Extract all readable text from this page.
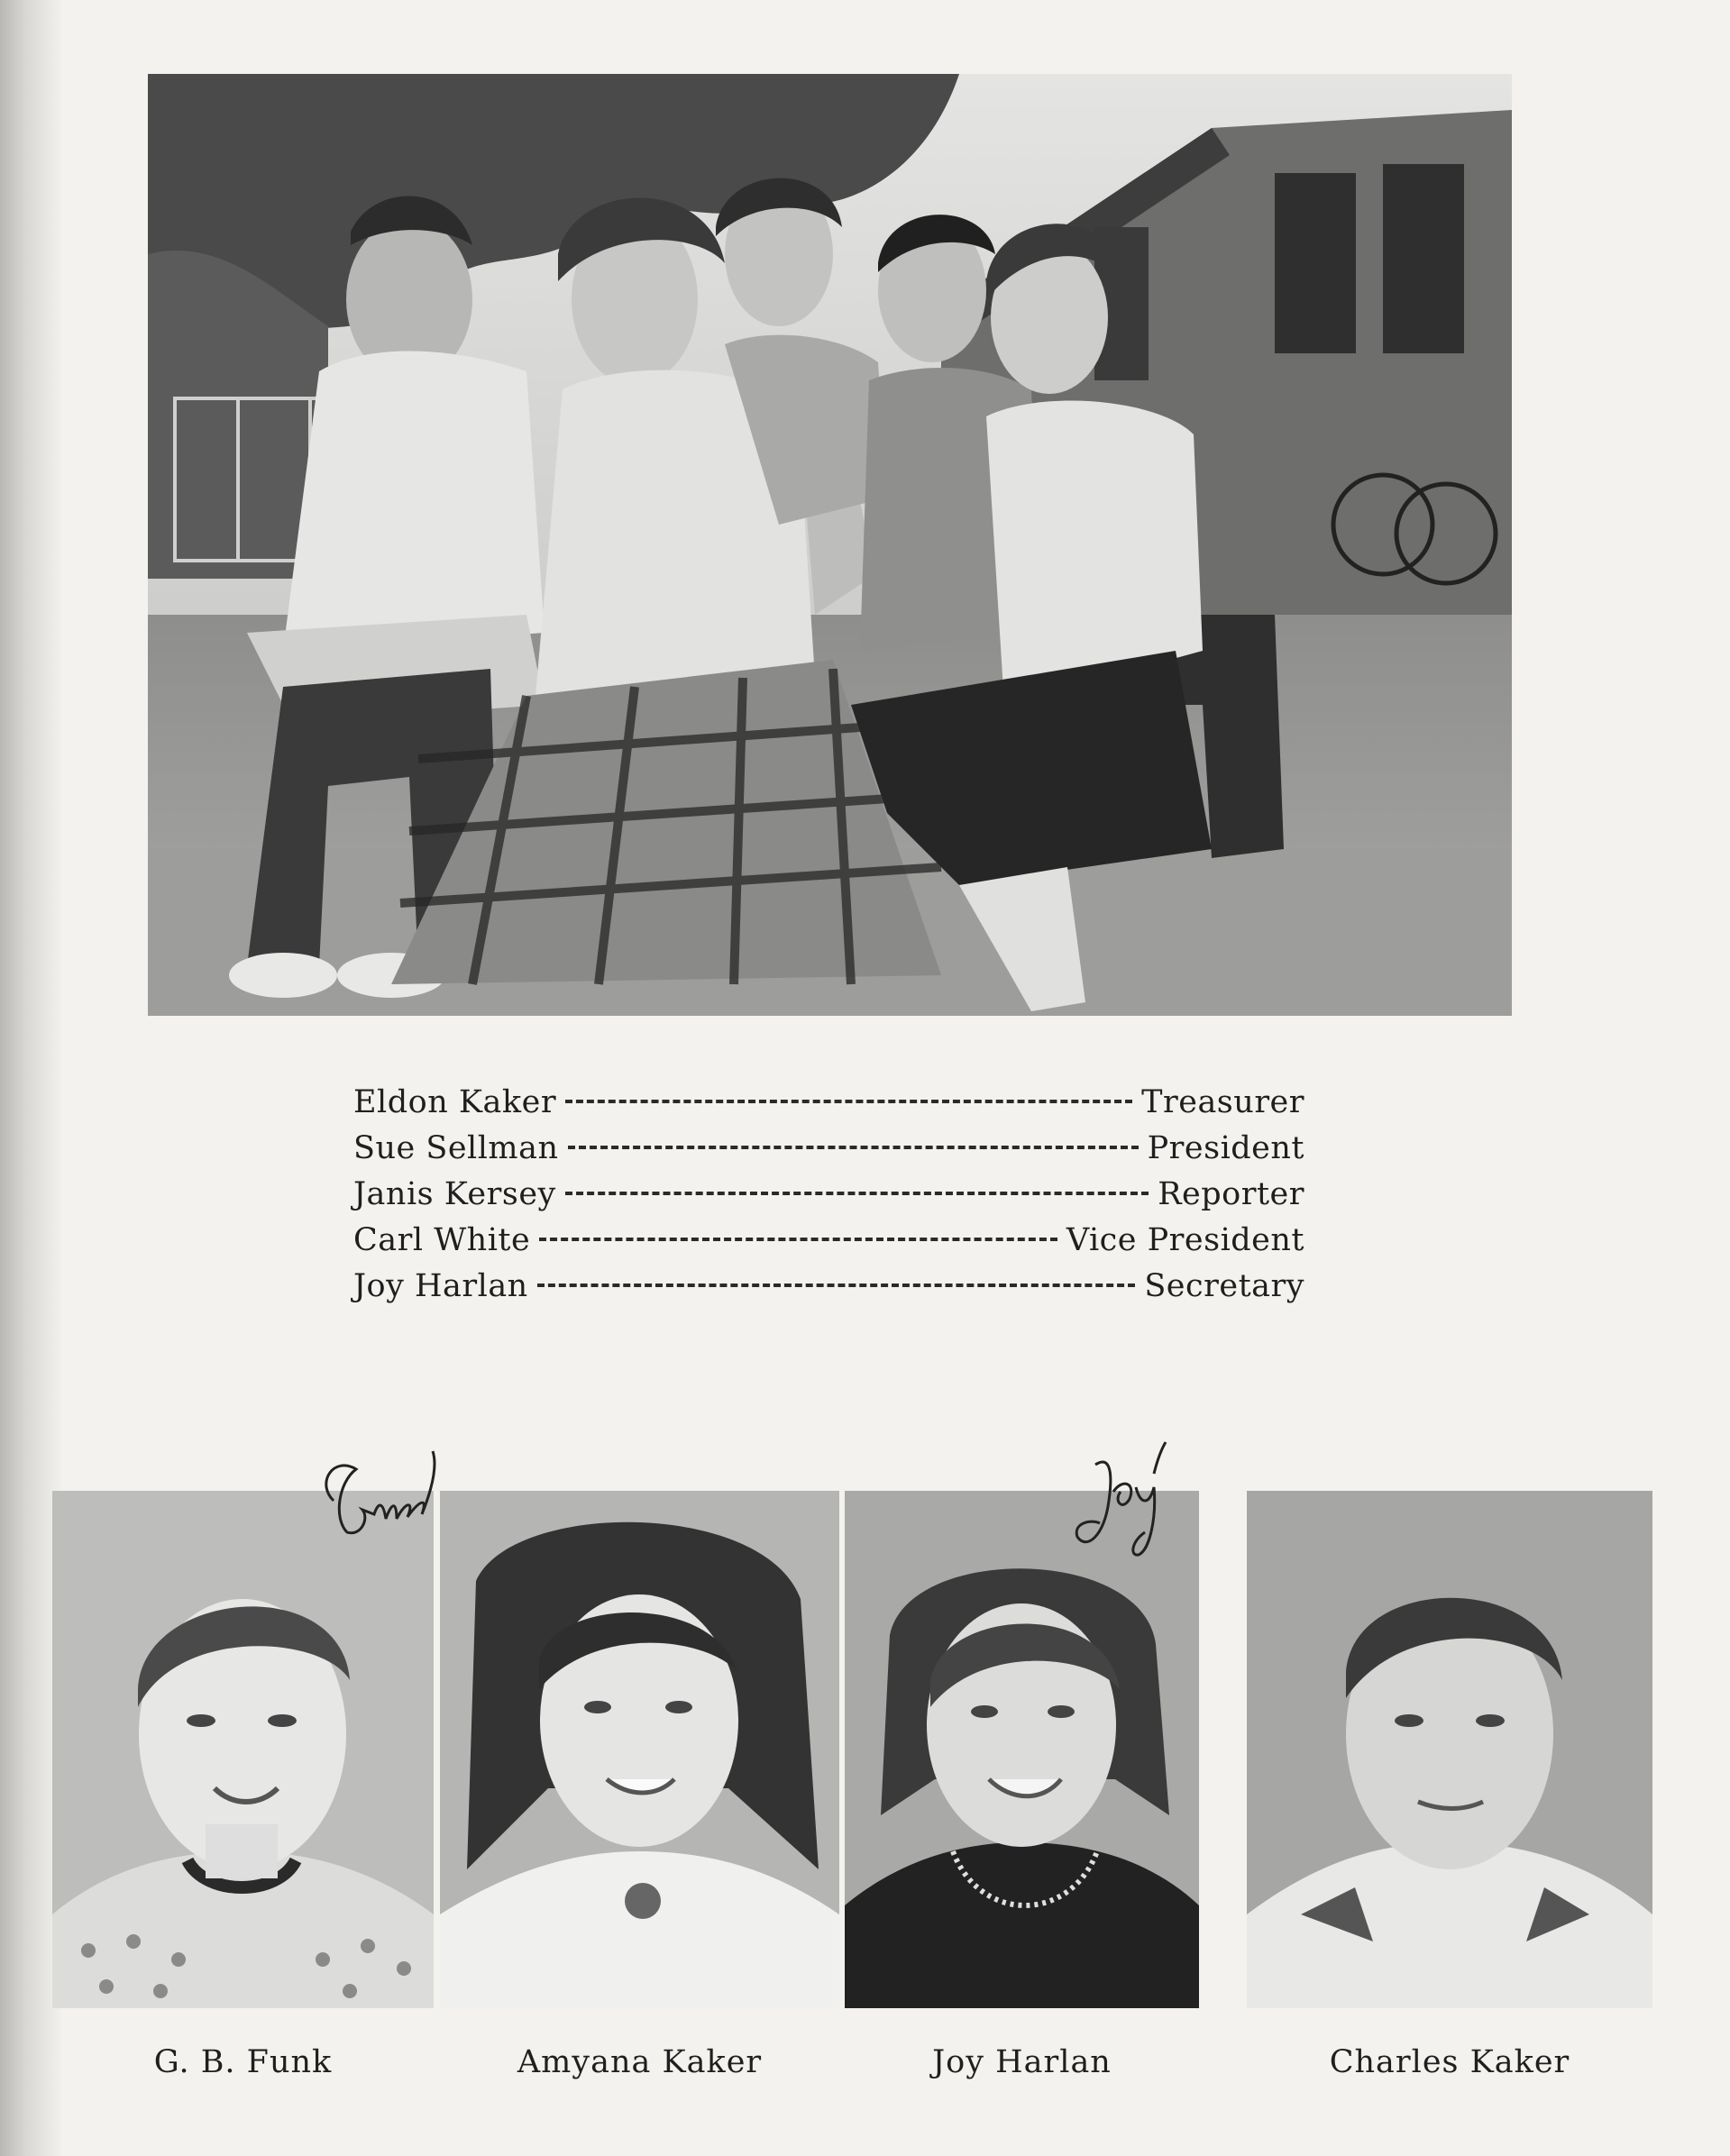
Eldon Kaker	Treasurer
Sue Sellman	President
Janis Kersey	Reporter
Carl White	Vice President
Joy Harlan	Secretary
G. B. Funk	Amyana Kaker	Joy Harlan	Charles Kaker
